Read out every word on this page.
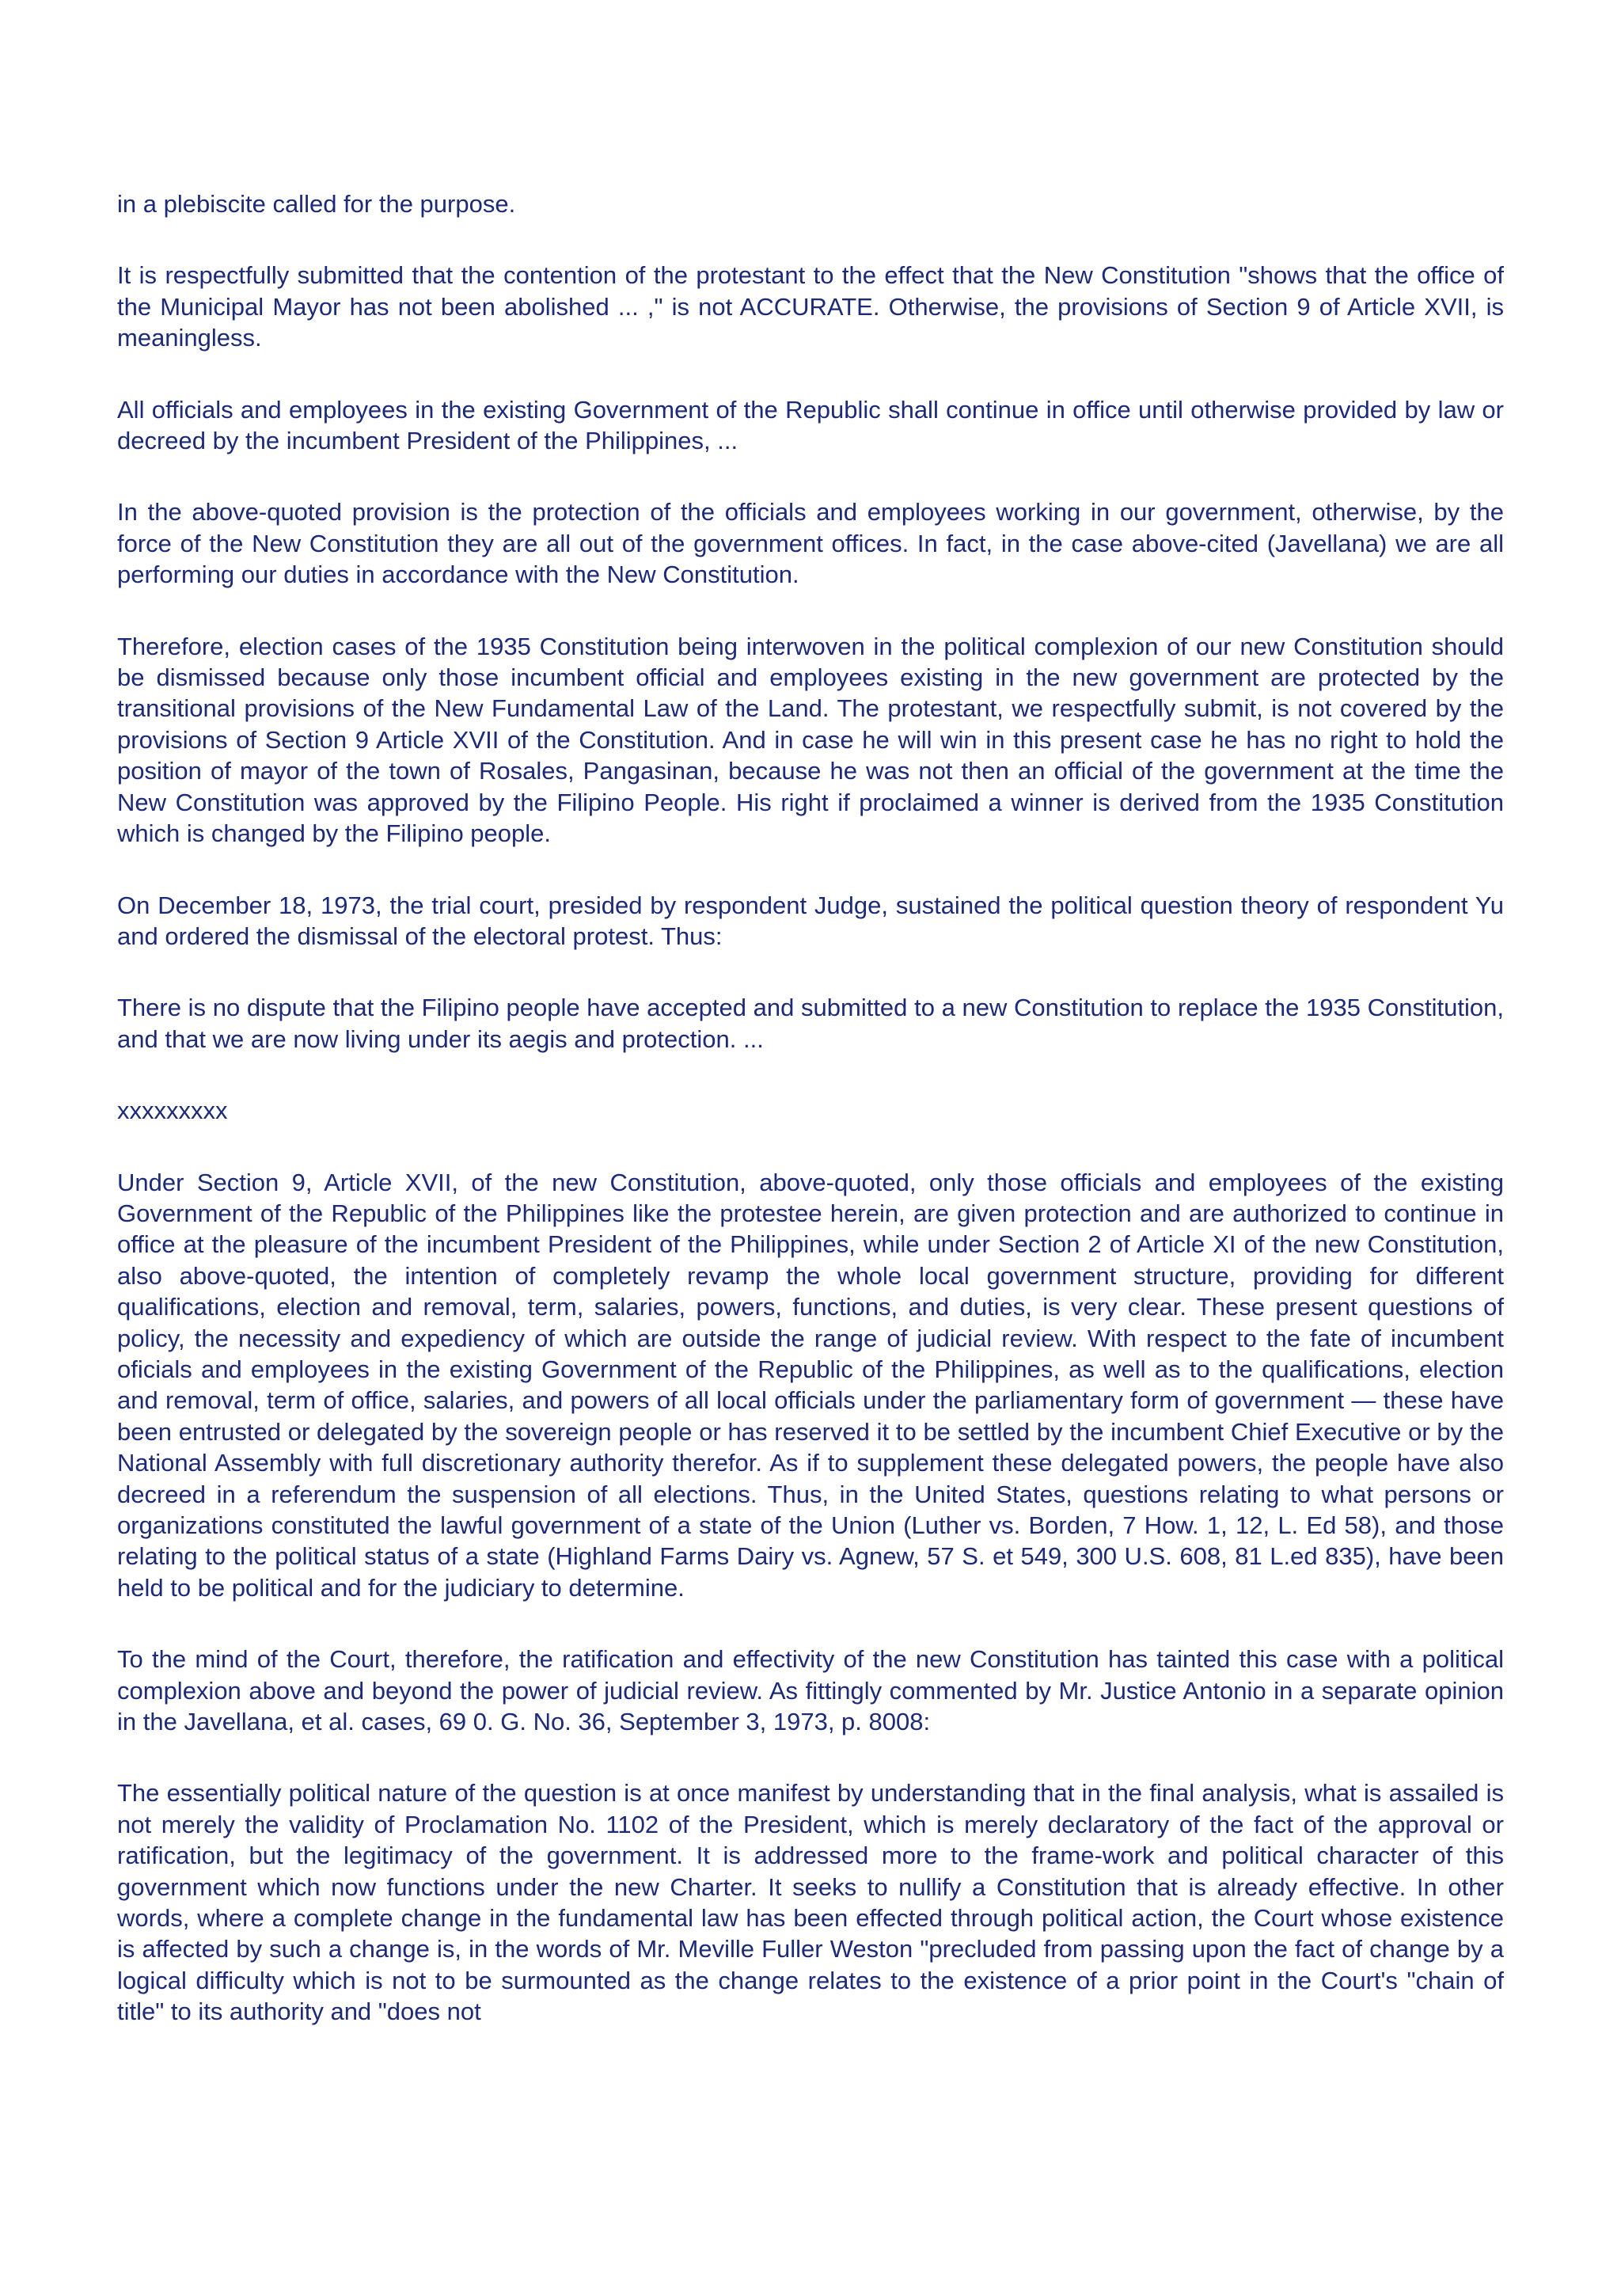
in a plebiscite called for the purpose.

It is respectfully submitted that the contention of the protestant to the effect that the New Constitution "shows that the office of the Municipal Mayor has not been abolished ... ," is not ACCURATE. Otherwise, the provisions of Section 9 of Article XVII, is meaningless.

All officials and employees in the existing Government of the Republic shall continue in office until otherwise provided by law or decreed by the incumbent President of the Philippines, ...

In the above-quoted provision is the protection of the officials and employees working in our government, otherwise, by the force of the New Constitution they are all out of the government offices. In fact, in the case above-cited (Javellana) we are all performing our duties in accordance with the New Constitution.

Therefore, election cases of the 1935 Constitution being interwoven in the political complexion of our new Constitution should be dismissed because only those incumbent official and employees existing in the new government are protected by the transitional provisions of the New Fundamental Law of the Land. The protestant, we respectfully submit, is not covered by the provisions of Section 9 Article XVII of the Constitution. And in case he will win in this present case he has no right to hold the position of mayor of the town of Rosales, Pangasinan, because he was not then an official of the government at the time the New Constitution was approved by the Filipino People. His right if proclaimed a winner is derived from the 1935 Constitution which is changed by the Filipino people.

On December 18, 1973, the trial court, presided by respondent Judge, sustained the political question theory of respondent Yu and ordered the dismissal of the electoral protest. Thus:

There is no dispute that the Filipino people have accepted and submitted to a new Constitution to replace the 1935 Constitution, and that we are now living under its aegis and protection. ...

xxxxxxxxx

Under Section 9, Article XVII, of the new Constitution, above-quoted, only those officials and employees of the existing Government of the Republic of the Philippines like the protestee herein, are given protection and are authorized to continue in office at the pleasure of the incumbent President of the Philippines, while under Section 2 of Article XI of the new Constitution, also above-quoted, the intention of completely revamp the whole local government structure, providing for different qualifications, election and removal, term, salaries, powers, functions, and duties, is very clear. These present questions of policy, the necessity and expediency of which are outside the range of judicial review. With respect to the fate of incumbent oficials and employees in the existing Government of the Republic of the Philippines, as well as to the qualifications, election and removal, term of office, salaries, and powers of all local officials under the parliamentary form of government — these have been entrusted or delegated by the sovereign people or has reserved it to be settled by the incumbent Chief Executive or by the National Assembly with full discretionary authority therefor. As if to supplement these delegated powers, the people have also decreed in a referendum the suspension of all elections. Thus, in the United States, questions relating to what persons or organizations constituted the lawful government of a state of the Union (Luther vs. Borden, 7 How. 1, 12, L. Ed 58), and those relating to the political status of a state (Highland Farms Dairy vs. Agnew, 57 S. et 549, 300 U.S. 608, 81 L.ed 835), have been held to be political and for the judiciary to determine.

To the mind of the Court, therefore, the ratification and effectivity of the new Constitution has tainted this case with a political complexion above and beyond the power of judicial review. As fittingly commented by Mr. Justice Antonio in a separate opinion in the Javellana, et al. cases, 69 0. G. No. 36, September 3, 1973, p. 8008:

The essentially political nature of the question is at once manifest by understanding that in the final analysis, what is assailed is not merely the validity of Proclamation No. 1102 of the President, which is merely declaratory of the fact of the approval or ratification, but the legitimacy of the government. It is addressed more to the frame-work and political character of this government which now functions under the new Charter. It seeks to nullify a Constitution that is already effective. In other words, where a complete change in the fundamental law has been effected through political action, the Court whose existence is affected by such a change is, in the words of Mr. Meville Fuller Weston "precluded from passing upon the fact of change by a logical difficulty which is not to be surmounted as the change relates to the existence of a prior point in the Court's "chain of title" to its authority and "does not
